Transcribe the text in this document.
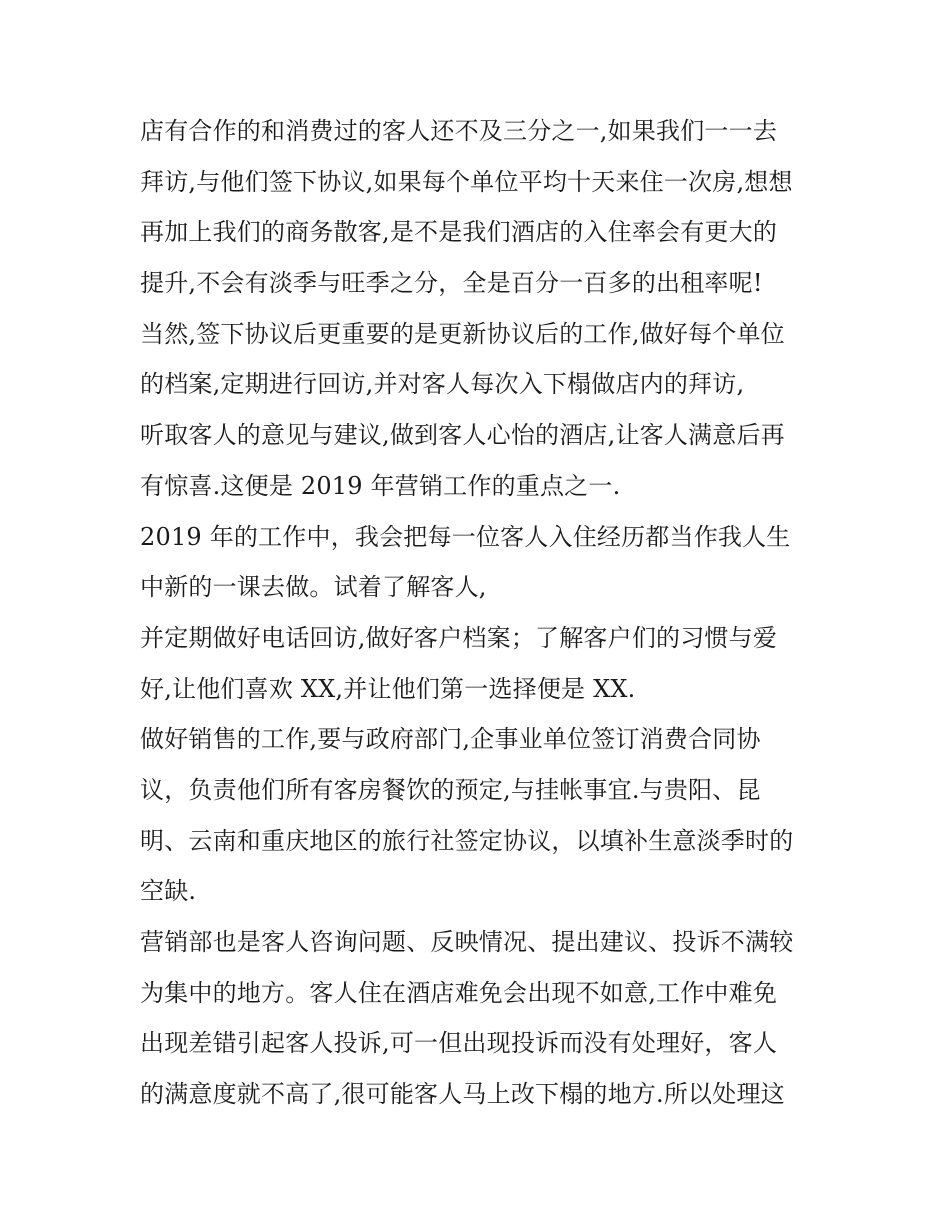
店有合作的和消费过的客人还不及三分之一,如果我们一一去
拜访,与他们签下协议,如果每个单位平均十天来住一次房,想想
再加上我们的商务散客,是不是我们酒店的入住率会有更大的
提升,不会有淡季与旺季之分，全是百分一百多的出租率呢!
当然,签下协议后更重要的是更新协议后的工作,做好每个单位
的档案,定期进行回访,并对客人每次入下榻做店内的拜访,
听取客人的意见与建议,做到客人心怡的酒店,让客人满意后再
有惊喜.这便是 2019 年营销工作的重点之一.
2019 年的工作中，我会把每一位客人入住经历都当作我人生
中新的一课去做。试着了解客人,
并定期做好电话回访,做好客户档案；了解客户们的习惯与爱
好,让他们喜欢 XX,并让他们第一选择便是 XX.
做好销售的工作,要与政府部门,企事业单位签订消费合同协
议，负责他们所有客房餐饮的预定,与挂帐事宜.与贵阳、昆
明、云南和重庆地区的旅行社签定协议，以填补生意淡季时的
空缺.
营销部也是客人咨询问题、反映情况、提出建议、投诉不满较
为集中的地方。客人住在酒店难免会出现不如意,工作中难免
出现差错引起客人投诉,可一但出现投诉而没有处理好，客人
的满意度就不高了,很可能客人马上改下榻的地方.所以处理这
